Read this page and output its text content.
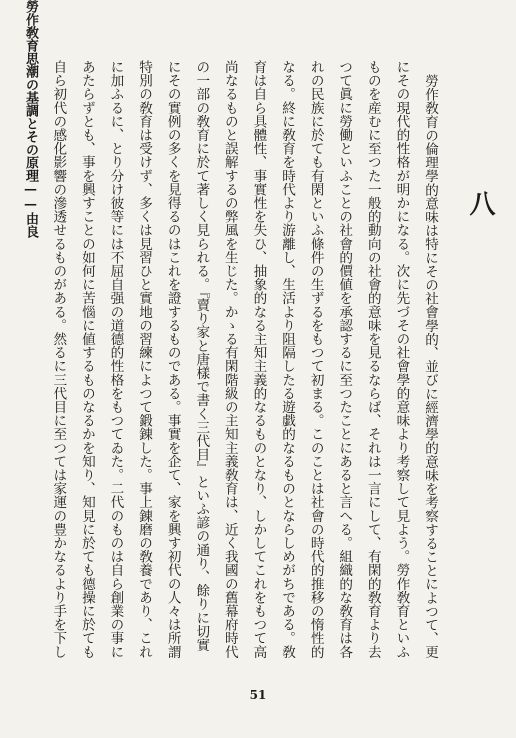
勞作敎育思潮の基調とその原理——由良	八

勞作敎育の倫理學的意味は特にその社會學的、並びに經濟學的意味を考察することによつて、更にその現代的性格が明かになる。次に先づその社會學的意味より考察して見よう。勞作敎育といふものを産むに至つた一般的動向の社會的意味を見るならば、それは一言にして、有閑的敎育より去つて眞に勞働といふことの社會的價値を承認するに至つたことにあると言へる。組織的な敎育は各れの民族に於ても有閑といふ條件の生ずるをもつて初まる。このことは社會の時代的推移の惰性的なる。終に敎育を時代より游離し、生活より阻隔したる遊戯的なるものとならしめがちである。敎育は自ら具體性、事實性を失ひ、抽象的なる主知主義的なるものとなり、しかしてこれをもつて高尚なるものと誤解するの弊風を生じた。かゝる有閑階級の主知主義敎育は、近く我國の舊幕府時代の一部の敎育に於て著しく見られる。『賣り家と唐樣で書く三代目』といふ諺の通り、餘りに切實にその實例の多くを見得るのはこれを證するものである。事實を企て、家を興す初代の人々は所謂特別の敎育は受けず、多くは見習ひと實地の習練によつて鍛錬した。事上錬磨の敎養であり、これに加ふるに、とり分け彼等には不屈自强の道德的性格をもつてゐた。二代のものは自ら創業の事にあたらずとも、事を興すことの如何に苦惱に値するものなるかを知り、知見に於ても德操に於ても自ら初代の感化影響の滲透せるものがある。然るに三代目に至つては家運の豊かなるより手を下し

51
